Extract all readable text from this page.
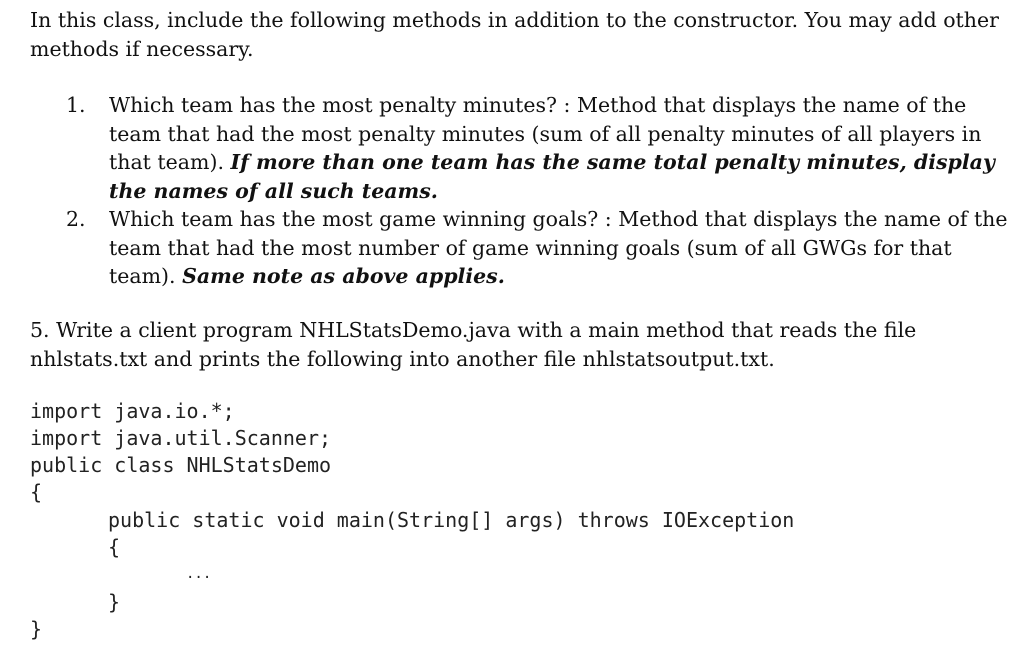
In this class, include the following methods in addition to the constructor. You may add other methods if necessary.

1. Which team has the most penalty minutes? : Method that displays the name of the team that had the most penalty minutes (sum of all penalty minutes of all players in that team). If more than one team has the same total penalty minutes, display the names of all such teams.
2. Which team has the most game winning goals? : Method that displays the name of the team that had the most number of game winning goals (sum of all GWGs for that team). Same note as above applies.

5. Write a client program NHLStatsDemo.java with a main method that reads the file nhlstats.txt and prints the following into another file nhlstatsoutput.txt.

import java.io.*;
import java.util.Scanner;
public class NHLStatsDemo
{
public static void main(String[] args) throws IOException
{
...
}
}
